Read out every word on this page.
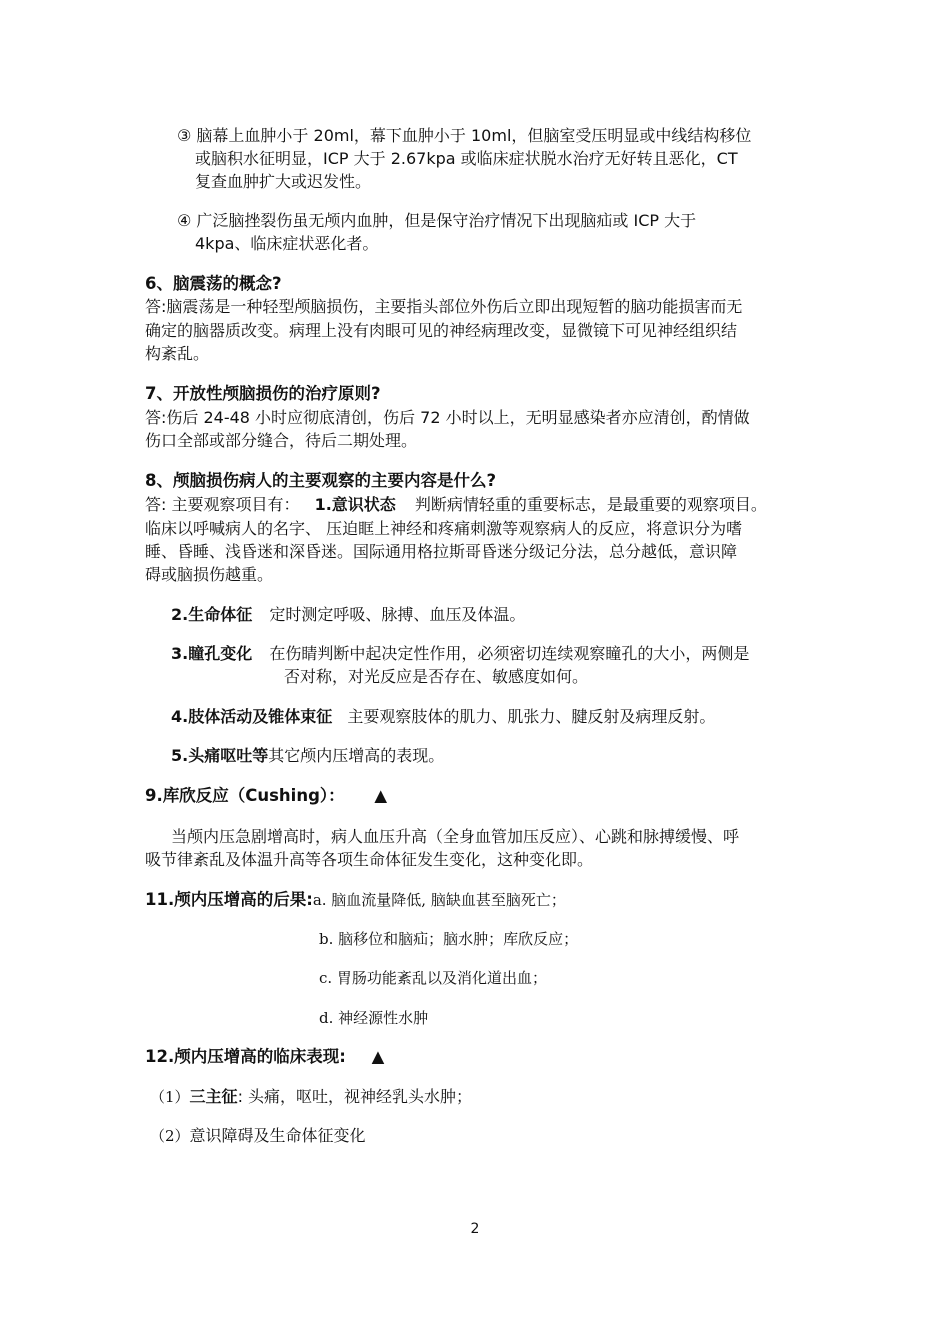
③ 脑幕上血肿小于 20ml，幕下血肿小于 10ml，但脑室受压明显或中线结构移位
或脑积水征明显，ICP 大于 2.67kpa 或临床症状脱水治疗无好转且恶化，CT
复查血肿扩大或迟发性。
④ 广泛脑挫裂伤虽无颅内血肿，但是保守治疗情况下出现脑疝或 ICP 大于
4kpa、临床症状恶化者。
6、脑震荡的概念?
答:脑震荡是一种轻型颅脑损伤，主要指头部位外伤后立即出现短暂的脑功能损害而无
确定的脑器质改变。病理上没有肉眼可见的神经病理改变，显微镜下可见神经组织结
构紊乱。
7、开放性颅脑损伤的治疗原则?
答:伤后 24-48 小时应彻底清创，伤后 72 小时以上，无明显感染者亦应清创，酌情做
伤口全部或部分缝合，待后二期处理。
8、颅脑损伤病人的主要观察的主要内容是什么?
答: 主要观察项目有： 1.意识状态 判断病情轻重的重要标志，是最重要的观察项目。
临床以呼喊病人的名字、 压迫眶上神经和疼痛刺激等观察病人的反应，将意识分为嗜
睡、昏睡、浅昏迷和深昏迷。国际通用格拉斯哥昏迷分级记分法，总分越低，意识障
碍或脑损伤越重。
2.生命体征 定时测定呼吸、脉搏、血压及体温。
3.瞳孔变化 在伤睛判断中起决定性作用，必须密切连续观察瞳孔的大小，两侧是
否对称，对光反应是否存在、敏感度如何。
4.肢体活动及锥体束征 主要观察肢体的肌力、肌张力、腱反射及病理反射。
5.头痛呕吐等其它颅内压增高的表现。
9.库欣反应（Cushing）： ▲
当颅内压急剧增高时，病人血压升高（全身血管加压反应）、心跳和脉搏缓慢、呼
吸节律紊乱及体温升高等各项生命体征发生变化，这种变化即。
11.颅内压增高的后果:a. 脑血流量降低, 脑缺血甚至脑死亡；
b. 脑移位和脑疝；脑水肿；库欣反应；
c. 胃肠功能紊乱以及消化道出血；
d. 神经源性水肿
12.颅内压增高的临床表现: ▲
（1）三主征: 头痛，呕吐，视神经乳头水肿；
（2）意识障碍及生命体征变化
2
